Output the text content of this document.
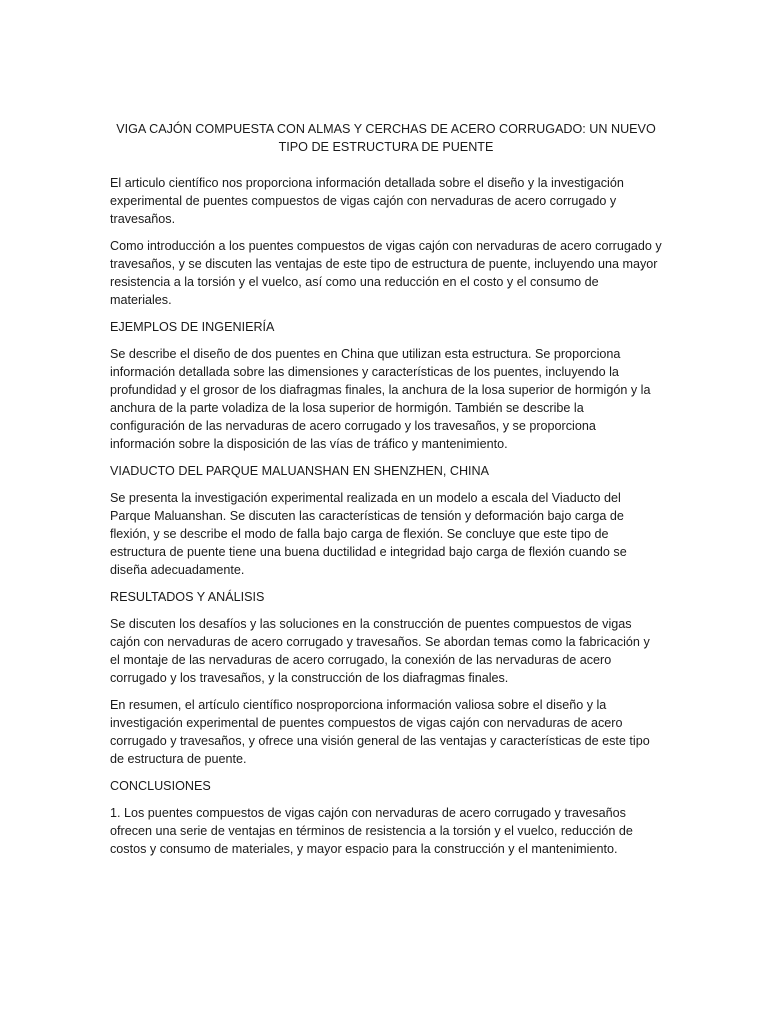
VIGA CAJÓN COMPUESTA CON ALMAS Y CERCHAS DE ACERO CORRUGADO: UN NUEVO TIPO DE ESTRUCTURA DE PUENTE

El articulo científico nos proporciona información detallada sobre el diseño y la investigación experimental de puentes compuestos de vigas cajón con nervaduras de acero corrugado y travesaños.

Como introducción a los puentes compuestos de vigas cajón con nervaduras de acero corrugado y travesaños, y se discuten las ventajas de este tipo de estructura de puente, incluyendo una mayor resistencia a la torsión y el vuelco, así como una reducción en el costo y el consumo de materiales.

EJEMPLOS DE INGENIERÍA

Se describe el diseño de dos puentes en China que utilizan esta estructura. Se proporciona información detallada sobre las dimensiones y características de los puentes, incluyendo la profundidad y el grosor de los diafragmas finales, la anchura de la losa superior de hormigón y la anchura de la parte voladiza de la losa superior de hormigón. También se describe la configuración de las nervaduras de acero corrugado y los travesaños, y se proporciona información sobre la disposición de las vías de tráfico y mantenimiento.

VIADUCTO DEL PARQUE MALUANSHAN EN SHENZHEN, CHINA

Se presenta la investigación experimental realizada en un modelo a escala del Viaducto del Parque Maluanshan. Se discuten las características de tensión y deformación bajo carga de flexión, y se describe el modo de falla bajo carga de flexión. Se concluye que este tipo de estructura de puente tiene una buena ductilidad e integridad bajo carga de flexión cuando se diseña adecuadamente.

RESULTADOS Y ANÁLISIS

Se discuten los desafíos y las soluciones en la construcción de puentes compuestos de vigas cajón con nervaduras de acero corrugado y travesaños. Se abordan temas como la fabricación y el montaje de las nervaduras de acero corrugado, la conexión de las nervaduras de acero corrugado y los travesaños, y la construcción de los diafragmas finales.

En resumen, el artículo científico nosproporciona información valiosa sobre el diseño y la investigación experimental de puentes compuestos de vigas cajón con nervaduras de acero corrugado y travesaños, y ofrece una visión general de las ventajas y características de este tipo de estructura de puente.

CONCLUSIONES

1. Los puentes compuestos de vigas cajón con nervaduras de acero corrugado y travesaños ofrecen una serie de ventajas en términos de resistencia a la torsión y el vuelco, reducción de costos y consumo de materiales, y mayor espacio para la construcción y el mantenimiento.
